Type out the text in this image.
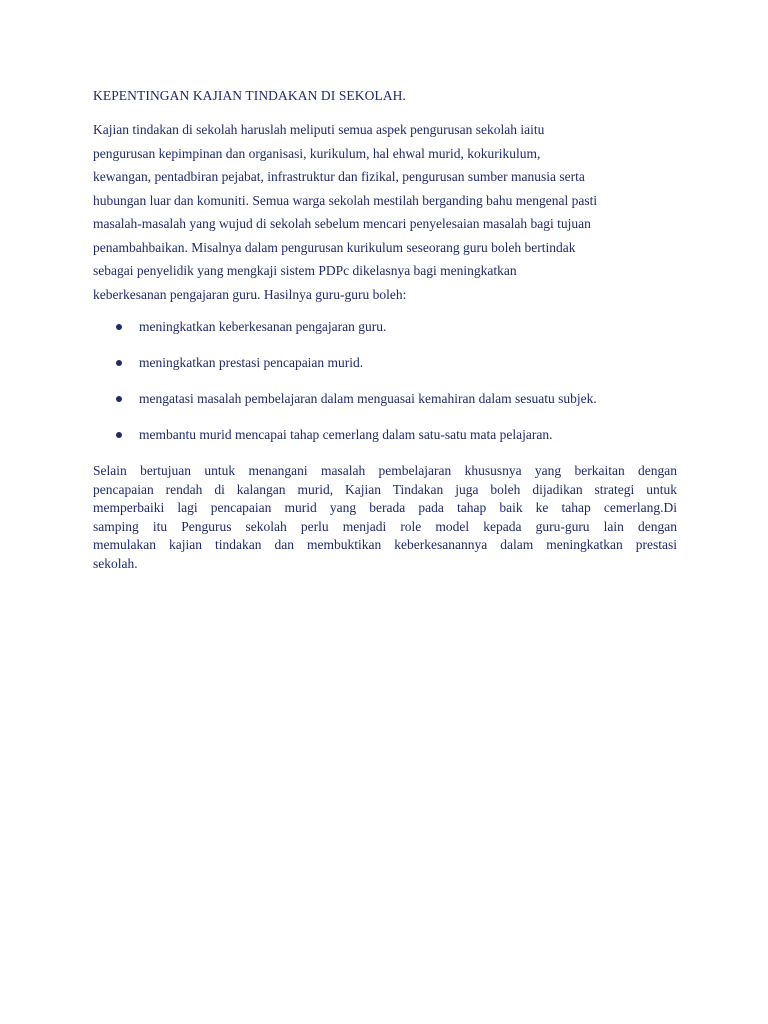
KEPENTINGAN KAJIAN TINDAKAN DI SEKOLAH.

Kajian tindakan di sekolah haruslah meliputi semua aspek pengurusan sekolah iaitu
pengurusan kepimpinan dan organisasi, kurikulum, hal ehwal murid, kokurikulum,
kewangan, pentadbiran pejabat, infrastruktur dan fizikal, pengurusan sumber manusia serta
hubungan luar dan komuniti. Semua warga sekolah mestilah berganding bahu mengenal pasti
masalah-masalah yang wujud di sekolah sebelum mencari penyelesaian masalah bagi tujuan
penambahbaikan. Misalnya dalam pengurusan kurikulum seseorang guru boleh bertindak
sebagai penyelidik yang mengkaji sistem PDPc dikelasnya bagi meningkatkan
keberkesanan pengajaran guru. Hasilnya guru-guru boleh:

meningkatkan keberkesanan pengajaran guru.
meningkatkan prestasi pencapaian murid.
mengatasi masalah pembelajaran dalam menguasai kemahiran dalam sesuatu subjek.
membantu murid mencapai tahap cemerlang dalam satu-satu mata pelajaran.

Selain bertujuan untuk menangani masalah pembelajaran khususnya yang berkaitan dengan
pencapaian rendah di kalangan murid, Kajian Tindakan juga boleh dijadikan strategi untuk
memperbaiki lagi pencapaian murid yang berada pada tahap baik ke tahap cemerlang.Di
samping itu Pengurus sekolah perlu menjadi role model kepada guru-guru lain dengan
memulakan kajian tindakan dan membuktikan keberkesanannya dalam meningkatkan prestasi
sekolah.
